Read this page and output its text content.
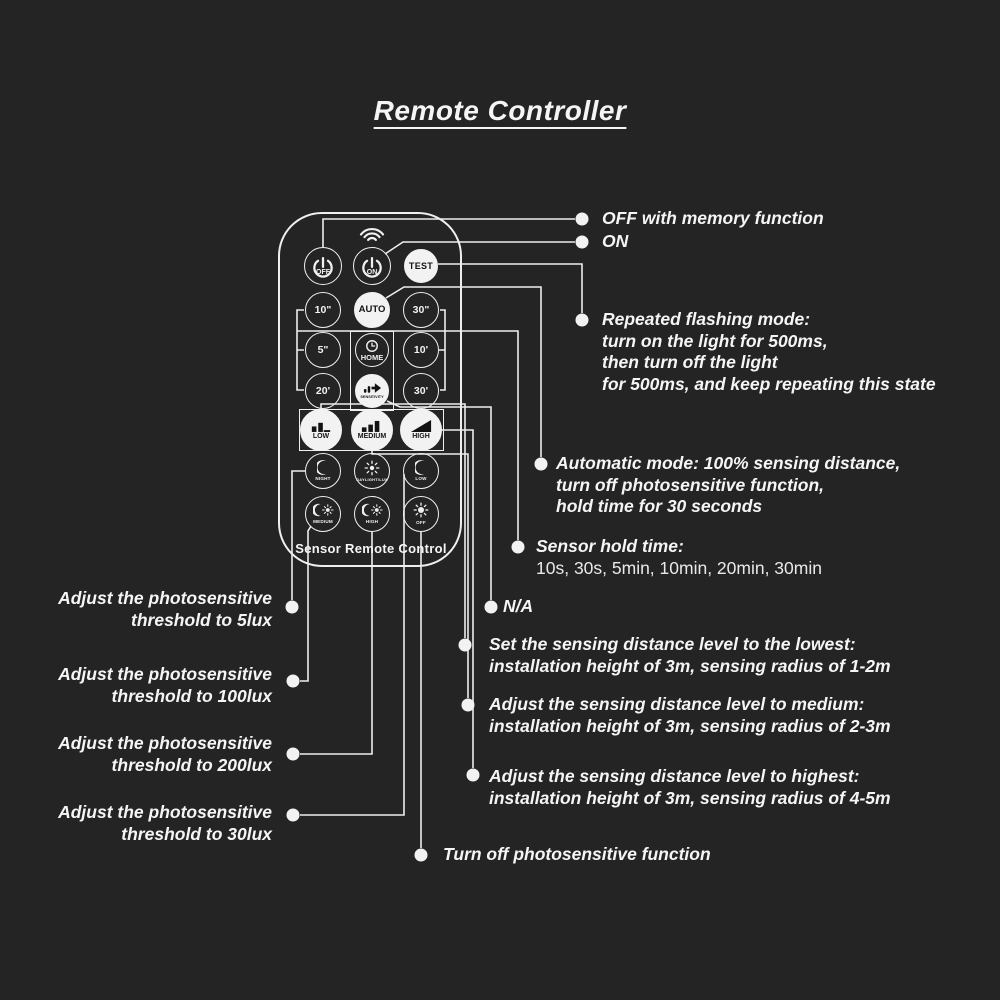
Remote Controller
OFF	ON
TEST
10"	AUTO	30"
5"
HOME
10'
20'
SENSITIVITY
30'
LOW	MEDIUM	HIGH
NIGHT	DAYLIGHT/LUX	LOW
MEDIUM	HIGH	OFF
Sensor Remote Control
OFF with memory function
ON
Repeated flashing mode:
turn on the light for 500ms,
then turn off the light
for 500ms, and keep repeating this state
Automatic mode: 100% sensing distance,
turn off photosensitive function,
hold time for 30 seconds
Sensor hold time:
10s, 30s, 5min, 10min, 20min, 30min
N/A
Set the sensing distance level to the lowest:
installation height of 3m, sensing radius of 1-2m
Adjust the sensing distance level to medium:
installation height of 3m, sensing radius of 2-3m
Adjust the sensing distance level to highest:
installation height of 3m, sensing radius of 4-5m
Turn off photosensitive function
Adjust the photosensitive
threshold to 5lux
Adjust the photosensitive
threshold to 100lux
Adjust the photosensitive
threshold to 200lux
Adjust the photosensitive
threshold to 30lux
